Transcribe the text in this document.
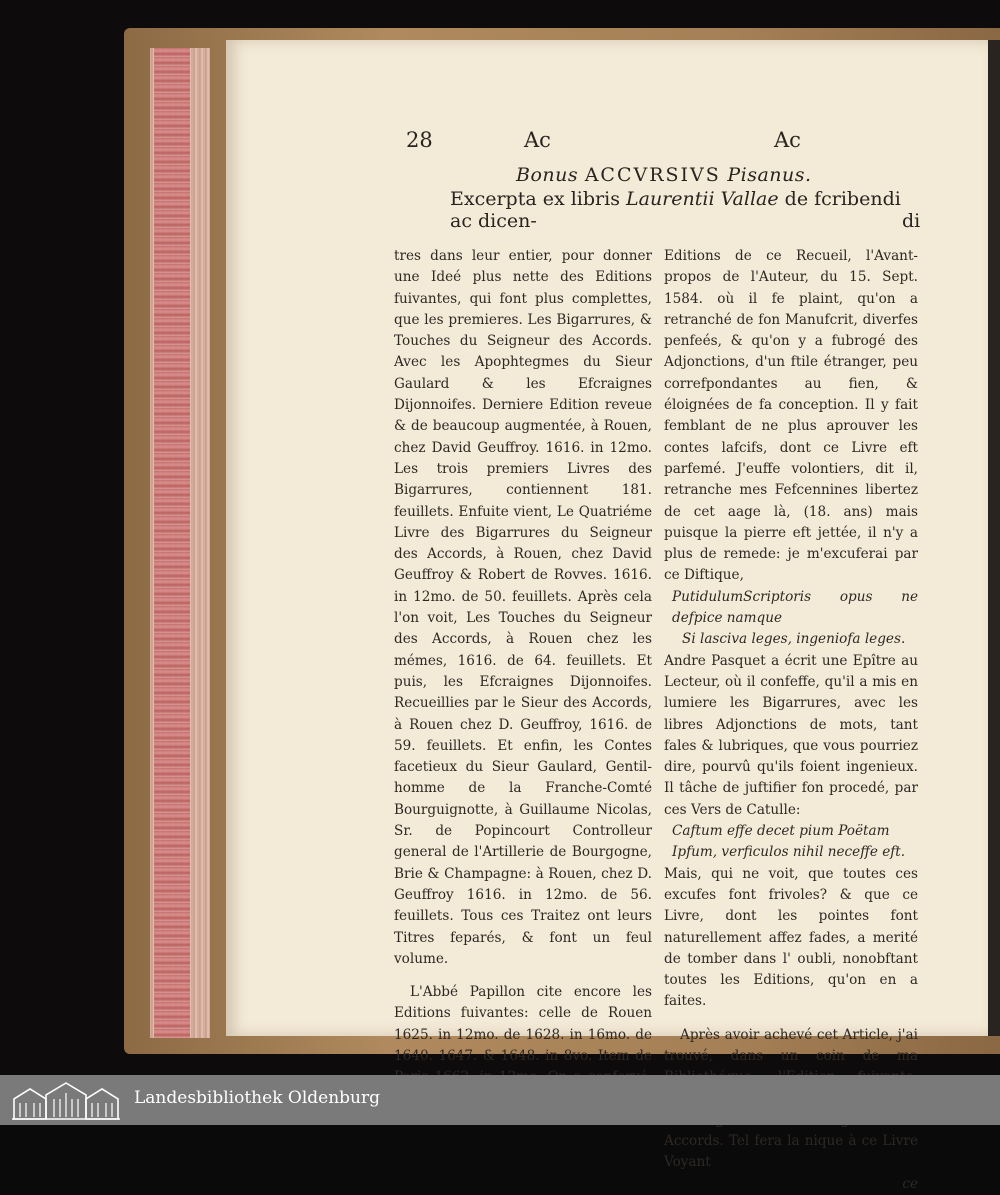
28	Ac	Ac
Bonus ACCVRSIVS Pisanus.
Excerpta ex libris Laurentii Vallae de fcribendi ac dicen-	di

tres dans leur entier, pour donner une Ideé plus nette des Editions fuivantes, qui font plus complettes, que les premieres. Les Bigarrures, & Touches du Seigneur des Accords. Avec les Apophtegmes du Sieur Gaulard & les Efcraignes Dijonnoifes. Derniere Edition reveue & de beaucoup augmentée, à Rouen, chez David Geuffroy. 1616. in 12mo. Les trois premiers Livres des Bigarrures, contiennent 181. feuillets. Enfuite vient, Le Quatriéme Livre des Bigarrures du Seigneur des Accords, à Rouen, chez David Geuffroy & Robert de Rovves. 1616. in 12mo. de 50. feuillets. Après cela l'on voit, Les Touches du Seigneur des Accords, à Rouen chez les mémes, 1616. de 64. feuillets. Et puis, les Efcraignes Dijonnoifes. Recueillies par le Sieur des Accords, à Rouen chez D. Geuffroy, 1616. de 59. feuillets. Et enfin, les Contes facetieux du Sieur Gaulard, Gentil-homme de la Franche-Comté Bourguignotte, à Guillaume Nicolas, Sr. de Popincourt Controlleur general de l'Artillerie de Bourgogne, Brie & Champagne: à Rouen, chez D. Geuffroy 1616. in 12mo. de 56. feuillets. Tous ces Traitez ont leurs Titres feparés, & font un feul volume.

L'Abbé Papillon cite encore les Editions fuivantes: celle de Rouen 1625. in 12mo. de 1628. in 16mo. de 1640. 1647. & 1648. in 8vo. Item de

Editions de ce Recueil, l'Avant-propos de l'Auteur, du 15. Sept. 1584. où il fe plaint, qu'on a retranché de fon Manufcrit, diverfes penfeés, & qu'on y a fubrogé des Adjonctions, d'un ftile étranger, peu correfpondantes au fien, & éloignées de fa conception. Il y fait femblant de ne plus aprouver les contes lafcifs, dont ce Livre eft parfemé. J'euffe volontiers, dit il, retranche mes Fefcennines libertez de cet aage là, (18. ans) mais puisque la pierre eft jettée, il n'y a plus de remede: je m'excuferai par ce Diftique,

PutidulumScriptoris opus ne defpice namque

Si lasciva leges, ingeniofa leges.

Andre Pasquet a écrit une Epître au Lecteur, où il confeffe, qu'il a mis en lumiere les Bigarrures, avec les libres Adjonctions de mots, tant fales & lubriques, que vous pourriez dire, pourvû qu'ils foient ingenieux. Il tâche de juftifier fon procedé, par ces Vers de Catulle:

Caftum effe decet pium Poëtam

Ipfum, verficulos nihil neceffe eft.

Mais, qui ne voit, que toutes ces excufes font frivoles? & que ce Livre, dont les pointes font naturellement affez fades, a merité de tomber dans l' oubli, nonobftant toutes les Editions, qu'on en a faites.

Après avoir achevé cet Article, j'ai trouvé, dans un coin de ma Accords. Tel fera la nique à ce Livre Voyant

ce

Landesbibliothek Oldenburg
